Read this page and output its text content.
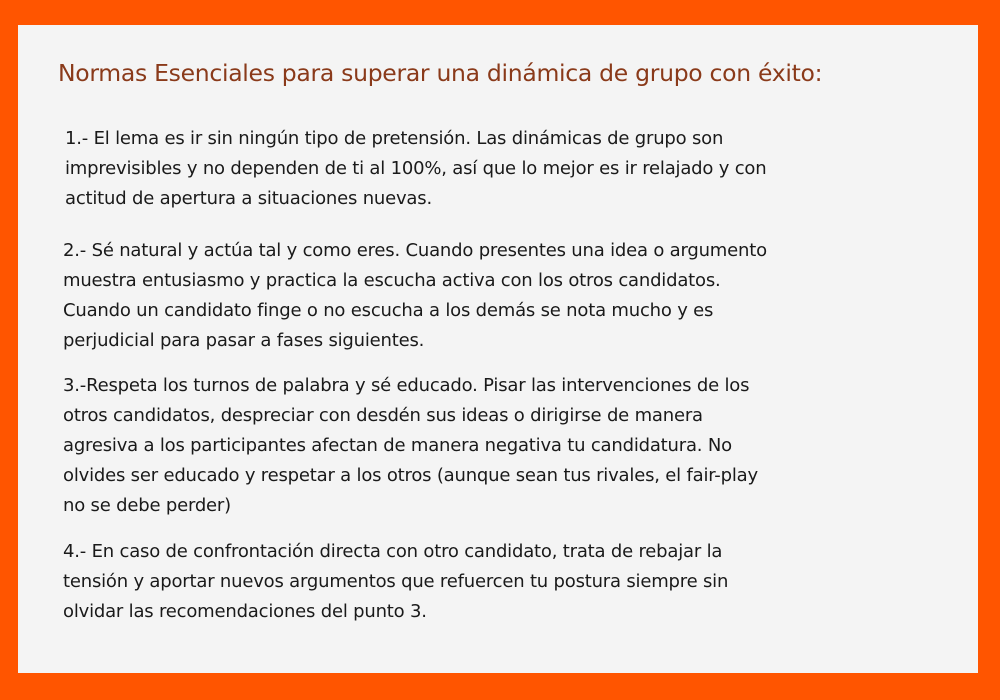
Normas Esenciales para superar una dinámica de grupo con éxito:
1.- El lema es ir sin ningún tipo de pretensión. Las dinámicas de grupo son
imprevisibles y no dependen de ti al 100%, así que lo mejor es ir relajado y con
actitud de apertura a situaciones nuevas.
2.- Sé natural y actúa tal y como eres. Cuando presentes una idea o argumento
muestra entusiasmo y practica la escucha activa con los otros candidatos.
Cuando un candidato finge o no escucha a los demás se nota mucho y es
perjudicial para pasar a fases siguientes.
3.-Respeta los turnos de palabra y sé educado. Pisar las intervenciones de los
otros candidatos, despreciar con desdén sus ideas o dirigirse de manera
agresiva a los participantes afectan de manera negativa tu candidatura. No
olvides ser educado y respetar a los otros (aunque sean tus rivales, el fair-play
no se debe perder)
4.- En caso de confrontación directa con otro candidato, trata de rebajar la
tensión y aportar nuevos argumentos que refuercen tu postura siempre sin
olvidar las recomendaciones del punto 3.
